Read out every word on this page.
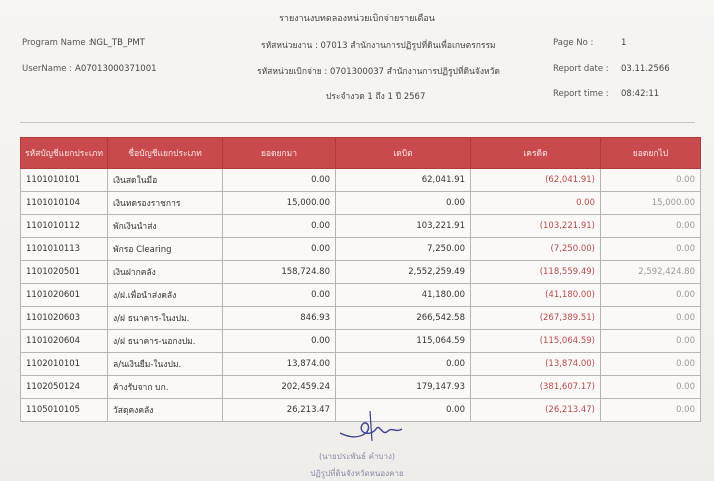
รายงานงบทดลองหน่วยเบิกจ่ายรายเดือน
Program Name :
NGL_TB_PMT
UserName : A07013000371001
รหัสหน่วยงาน : 07013 สำนักงานการปฏิรูปที่ดินเพื่อเกษตรกรรม
รหัสหน่วยเบิกจ่าย : 0701300037 สำนักงานการปฏิรูปที่ดินจังหวัด
ประจำงวด 1 ถึง 1 ปี 2567
Page No :	1
Report date : 03.11.2566
Report time : 08:42:11
รหัสบัญชีแยกประเภท	ชื่อบัญชีแยกประเภท	ยอดยกมา	เดบิต	เครดิต	ยอดยกไป
1101010101	เงินสดในมือ	0.00	62,041.91	(62,041.91)	0.00
1101010104	เงินทดรองราชการ	15,000.00	0.00	0.00	15,000.00
1101010112	พักเงินนำส่ง	0.00	103,221.91	(103,221.91)	0.00
1101010113	พักรอ Clearing	0.00	7,250.00	(7,250.00)	0.00
1101020501	เงินฝากคลัง	158,724.80	2,552,259.49	(118,559.49)	2,592,424.80
1101020601	ง/ฝ.เพื่อนำส่งคลัง	0.00	41,180.00	(41,180.00)	0.00
1101020603	ง/ฝ ธนาคาร-ในงปม.	846.93	266,542.58	(267,389.51)	0.00
1101020604	ง/ฝ ธนาคาร-นอกงปม.	0.00	115,064.59	(115,064.59)	0.00
1102010101	ล/นเงินยืม-ในงปม.	13,874.00	0.00	(13,874.00)	0.00
1102050124	ค้างรับจาก บก.	202,459.24	179,147.93	(381,607.17)	0.00
1105010105	วัสดุคงคลัง	26,213.47	0.00	(26,213.47)	0.00
(นายประพันธ์ คำบาง)
ปฏิรูปที่ดินจังหวัดหนองคาย
